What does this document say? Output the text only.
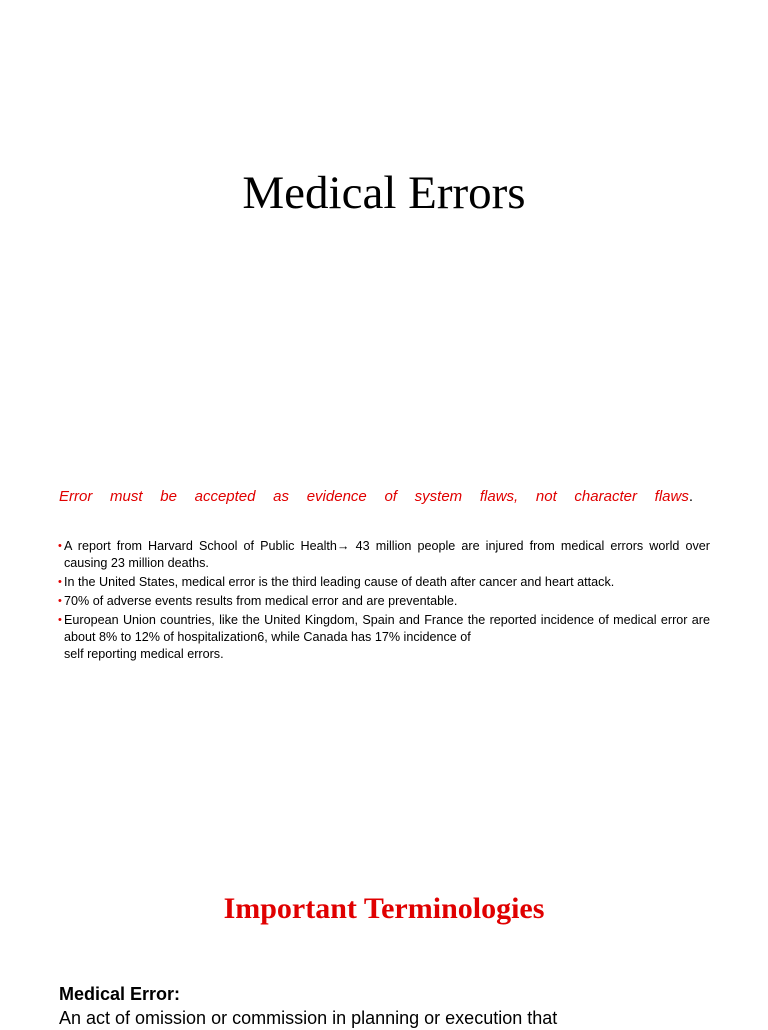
Medical Errors
Error must be accepted as evidence of system flaws, not character flaws.
• A report from Harvard School of Public Health→ 43 million people are injured from medical errors world over causing 23 million deaths.
• In the United States, medical error is the third leading cause of death after cancer and heart attack.
• 70% of adverse events results from medical error and are preventable.
• European Union countries, like the United Kingdom, Spain and France the reported incidence of medical error are about 8% to 12% of hospitalization6, while Canada has 17% incidence of
self reporting medical errors.
Important Terminologies
Medical Error:
An act of omission or commission in planning or execution that
